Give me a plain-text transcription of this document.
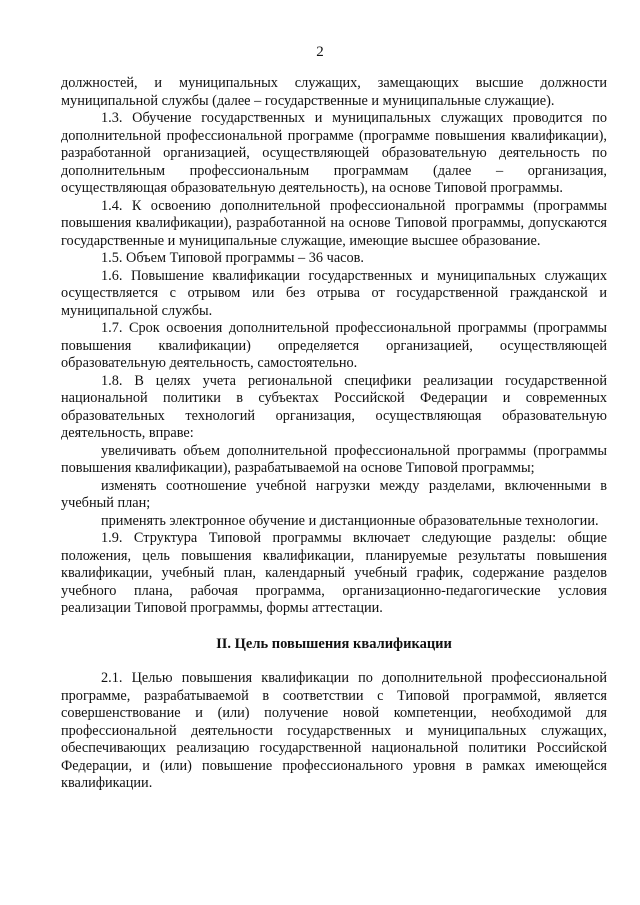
2

должностей, и муниципальных служащих, замещающих высшие должности муниципальной службы (далее – государственные и муниципальные служащие).

1.3. Обучение государственных и муниципальных служащих проводится по дополнительной профессиональной программе (программе повышения квалификации), разработанной организацией, осуществляющей образовательную деятельность по дополнительным профессиональным программам (далее – организация, осуществляющая образовательную деятельность), на основе Типовой программы.

1.4. К освоению дополнительной профессиональной программы (программы повышения квалификации), разработанной на основе Типовой программы, допускаются государственные и муниципальные служащие, имеющие высшее образование.

1.5. Объем Типовой программы – 36 часов.

1.6. Повышение квалификации государственных и муниципальных служащих осуществляется с отрывом или без отрыва от государственной гражданской и муниципальной службы.

1.7. Срок освоения дополнительной профессиональной программы (программы повышения квалификации) определяется организацией, осуществляющей образовательную деятельность, самостоятельно.

1.8. В целях учета региональной специфики реализации государственной национальной политики в субъектах Российской Федерации и современных образовательных технологий организация, осуществляющая образовательную деятельность, вправе:

увеличивать объем дополнительной профессиональной программы (программы повышения квалификации), разрабатываемой на основе Типовой программы;

изменять соотношение учебной нагрузки между разделами, включенными в учебный план;

применять электронное обучение и дистанционные образовательные технологии.

1.9. Структура Типовой программы включает следующие разделы: общие положения, цель повышения квалификации, планируемые результаты повышения квалификации, учебный план, календарный учебный график, содержание разделов учебного плана, рабочая программа, организационно-педагогические условия реализации Типовой программы, формы аттестации.

II. Цель повышения квалификации

2.1. Целью повышения квалификации по дополнительной профессиональной программе, разрабатываемой в соответствии с Типовой программой, является совершенствование и (или) получение новой компетенции, необходимой для профессиональной деятельности государственных и муниципальных служащих, обеспечивающих реализацию государственной национальной политики Российской Федерации, и (или) повышение профессионального уровня в рамках имеющейся квалификации.
